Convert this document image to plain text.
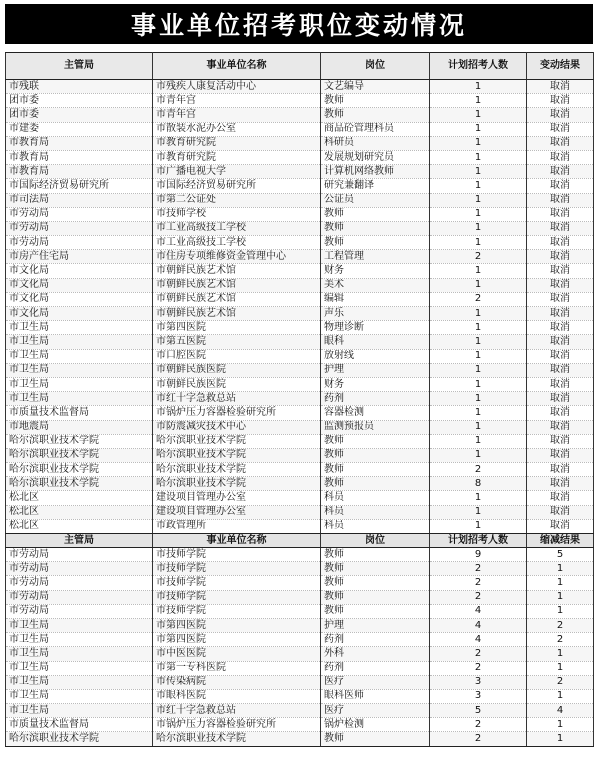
事业单位招考职位变动情况
主管局	事业单位名称	岗位	计划招考人数	变动结果
市残联	市残疾人康复活动中心	文艺编导	1	取消
团市委	市青年宫	教师	1	取消
团市委	市青年宫	教师	1	取消
市建委	市散装水泥办公室	商品砼管理科员	1	取消
市教育局	市教育研究院	科研员	1	取消
市教育局	市教育研究院	发展规划研究员	1	取消
市教育局	市广播电视大学	计算机网络教师	1	取消
市国际经济贸易研究所	市国际经济贸易研究所	研究兼翻译	1	取消
市司法局	市第二公证处	公证员	1	取消
市劳动局	市技师学校	教师	1	取消
市劳动局	市工业高级技工学校	教师	1	取消
市劳动局	市工业高级技工学校	教师	1	取消
市房产住宅局	市住房专项维修资金管理中心	工程管理	2	取消
市文化局	市朝鲜民族艺术馆	财务	1	取消
市文化局	市朝鲜民族艺术馆	美术	1	取消
市文化局	市朝鲜民族艺术馆	编辑	2	取消
市文化局	市朝鲜民族艺术馆	声乐	1	取消
市卫生局	市第四医院	物理诊断	1	取消
市卫生局	市第五医院	眼科	1	取消
市卫生局	市口腔医院	放射线	1	取消
市卫生局	市朝鲜民族医院	护理	1	取消
市卫生局	市朝鲜民族医院	财务	1	取消
市卫生局	市红十字急救总站	药剂	1	取消
市质量技术监督局	市锅炉压力容器检验研究所	容器检测	1	取消
市地震局	市防震减灾技术中心	监测预报员	1	取消
哈尔滨职业技术学院	哈尔滨职业技术学院	教师	1	取消
哈尔滨职业技术学院	哈尔滨职业技术学院	教师	1	取消
哈尔滨职业技术学院	哈尔滨职业技术学院	教师	2	取消
哈尔滨职业技术学院	哈尔滨职业技术学院	教师	8	取消
松北区	建设项目管理办公室	科员	1	取消
松北区	建设项目管理办公室	科员	1	取消
松北区	市政管理所	科员	1	取消
主管局	事业单位名称	岗位	计划招考人数	缩减结果
市劳动局	市技师学院	教师	9	5
市劳动局	市技师学院	教师	2	1
市劳动局	市技师学院	教师	2	1
市劳动局	市技师学院	教师	2	1
市劳动局	市技师学院	教师	4	1
市卫生局	市第四医院	护理	4	2
市卫生局	市第四医院	药剂	4	2
市卫生局	市中医医院	外科	2	1
市卫生局	市第一专科医院	药剂	2	1
市卫生局	市传染病院	医疗	3	2
市卫生局	市眼科医院	眼科医师	3	1
市卫生局	市红十字急救总站	医疗	5	4
市质量技术监督局	市锅炉压力容器检验研究所	锅炉检测	2	1
哈尔滨职业技术学院	哈尔滨职业技术学院	教师	2	1
